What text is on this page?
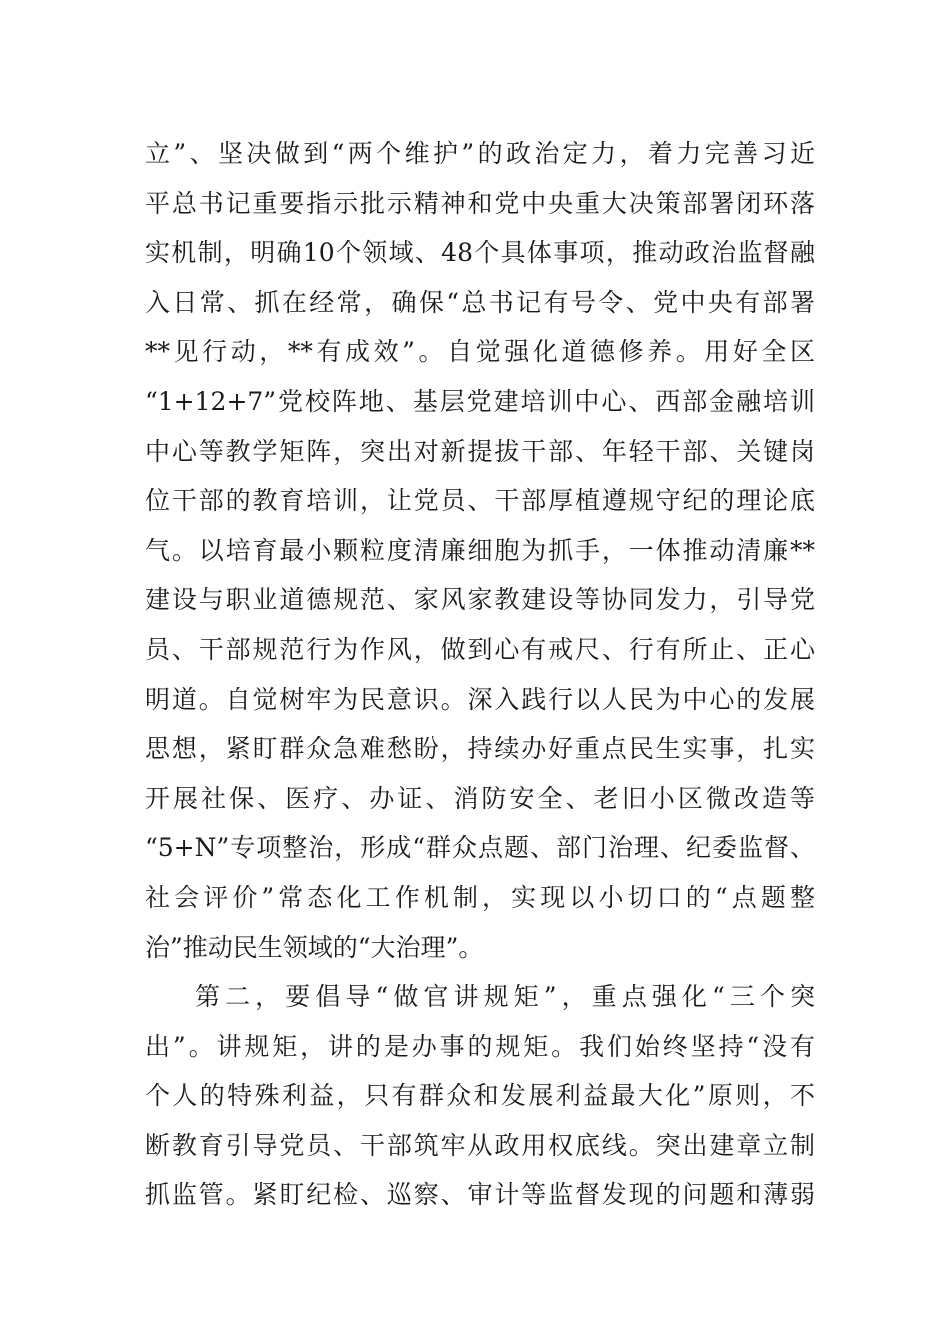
立”、坚决做到“两个维护”的政治定力，着力完善习近
平总书记重要指示批示精神和党中央重大决策部署闭环落
实机制，明确10个领域、48个具体事项，推动政治监督融
入日常、抓在经常，确保“总书记有号令、党中央有部署
**见行动，**有成效”。自觉强化道德修养。用好全区
“1+12+7”党校阵地、基层党建培训中心、西部金融培训
中心等教学矩阵，突出对新提拔干部、年轻干部、关键岗
位干部的教育培训，让党员、干部厚植遵规守纪的理论底
气。以培育最小颗粒度清廉细胞为抓手，一体推动清廉**
建设与职业道德规范、家风家教建设等协同发力，引导党
员、干部规范行为作风，做到心有戒尺、行有所止、正心
明道。自觉树牢为民意识。深入践行以人民为中心的发展
思想，紧盯群众急难愁盼，持续办好重点民生实事，扎实
开展社保、医疗、办证、消防安全、老旧小区微改造等
“5+N”专项整治，形成“群众点题、部门治理、纪委监督、
社会评价”常态化工作机制，实现以小切口的“点题整
治”推动民生领域的“大治理”。
第二，要倡导“做官讲规矩”，重点强化“三个突
出”。讲规矩，讲的是办事的规矩。我们始终坚持“没有
个人的特殊利益，只有群众和发展利益最大化”原则，不
断教育引导党员、干部筑牢从政用权底线。突出建章立制
抓监管。紧盯纪检、巡察、审计等监督发现的问题和薄弱
